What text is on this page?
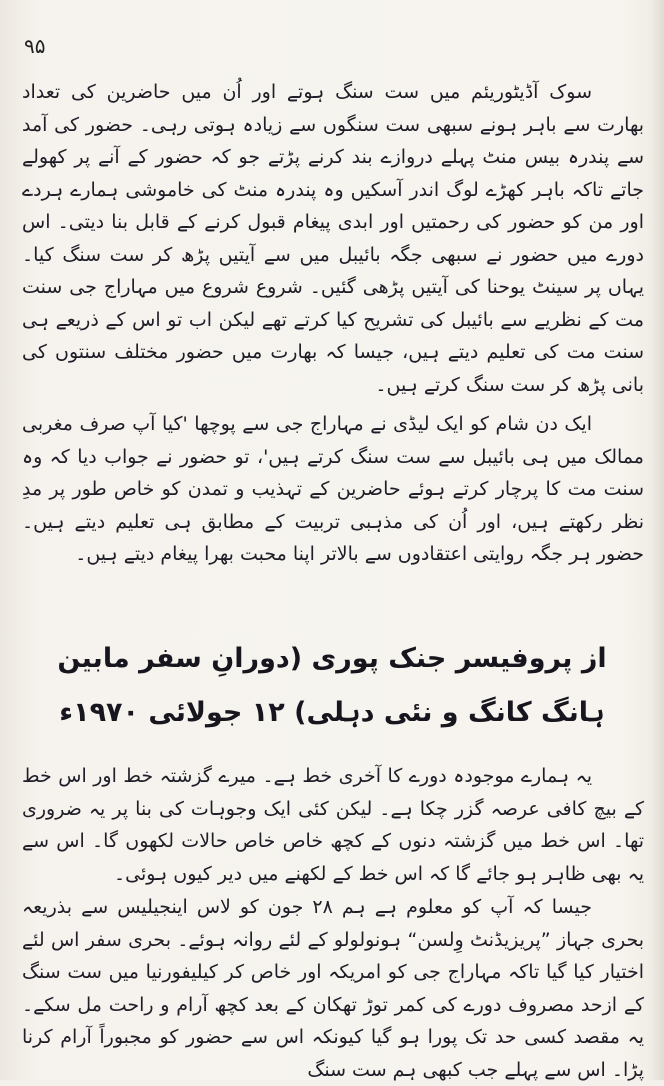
۹۵

سوک آڈیٹوریئم میں ست سنگ ہوتے اور اُن میں حاضرین کی تعداد بھارت سے باہر ہونے سبھی ست سنگوں سے زیادہ ہوتی رہی۔ حضور کی آمد سے پندرہ بیس منٹ پہلے دروازے بند کرنے پڑتے جو کہ حضور کے آنے پر کھولے جاتے تاکہ باہر کھڑے لوگ اندر آسکیں وہ پندرہ منٹ کی خاموشی ہمارے ہردے اور من کو حضور کی رحمتیں اور ابدی پیغام قبول کرنے کے قابل بنا دیتی۔ اس دورے میں حضور نے سبھی جگہ بائیبل میں سے آیتیں پڑھ کر ست سنگ کیا۔ یہاں پر سینٹ یوحنا کی آیتیں پڑھی گئیں۔ شروع شروع میں مہاراج جی سنت مت کے نظریے سے بائیبل کی تشریح کیا کرتے تھے لیکن اب تو اس کے ذریعے ہی سنت مت کی تعلیم دیتے ہیں، جیسا کہ بھارت میں حضور مختلف سنتوں کی بانی پڑھ کر ست سنگ کرتے ہیں۔

ایک دن شام کو ایک لیڈی نے مہاراج جی سے پوچھا 'کیا آپ صرف مغربی ممالک میں ہی بائیبل سے ست سنگ کرتے ہیں'، تو حضور نے جواب دیا کہ وہ سنت مت کا پرچار کرتے ہوئے حاضرین کے تہذیب و تمدن کو خاص طور پر مدِ نظر رکھتے ہیں، اور اُن کی مذہبی تربیت کے مطابق ہی تعلیم دیتے ہیں۔ حضور ہر جگہ روایتی اعتقادوں سے بالاتر اپنا محبت بھرا پیغام دیتے ہیں۔

از پروفیسر جنک پوری (دورانِ سفر مابین ہانگ کانگ و نئی دہلی) ۱۲ جولائی ۱۹۷۰ء

یہ ہمارے موجودہ دورے کا آخری خط ہے۔ میرے گزشتہ خط اور اس خط کے بیچ کافی عرصہ گزر چکا ہے۔ لیکن کئی ایک وجوہات کی بنا پر یہ ضروری تھا۔ اس خط میں گزشتہ دنوں کے کچھ خاص خاص حالات لکھوں گا۔ اس سے یہ بھی ظاہر ہو جائے گا کہ اس خط کے لکھنے میں دیر کیوں ہوئی۔

جیسا کہ آپ کو معلوم ہے ہم ۲۸ جون کو لاس اینجیلیس سے بذریعہ بحری جہاز ”پریزیڈنٹ وِلسن“ ہونولولو کے لئے روانہ ہوئے۔ بحری سفر اس لئے اختیار کیا گیا تاکہ مہاراج جی کو امریکہ اور خاص کر کیلیفورنیا میں ست سنگ کے ازحد مصروف دورے کی کمر توڑ تھکان کے بعد کچھ آرام و راحت مل سکے۔ یہ مقصد کسی حد تک پورا ہو گیا کیونکہ اس سے حضور کو مجبوراً آرام کرنا پڑا۔ اس سے پہلے جب کبھی ہم ست سنگ
